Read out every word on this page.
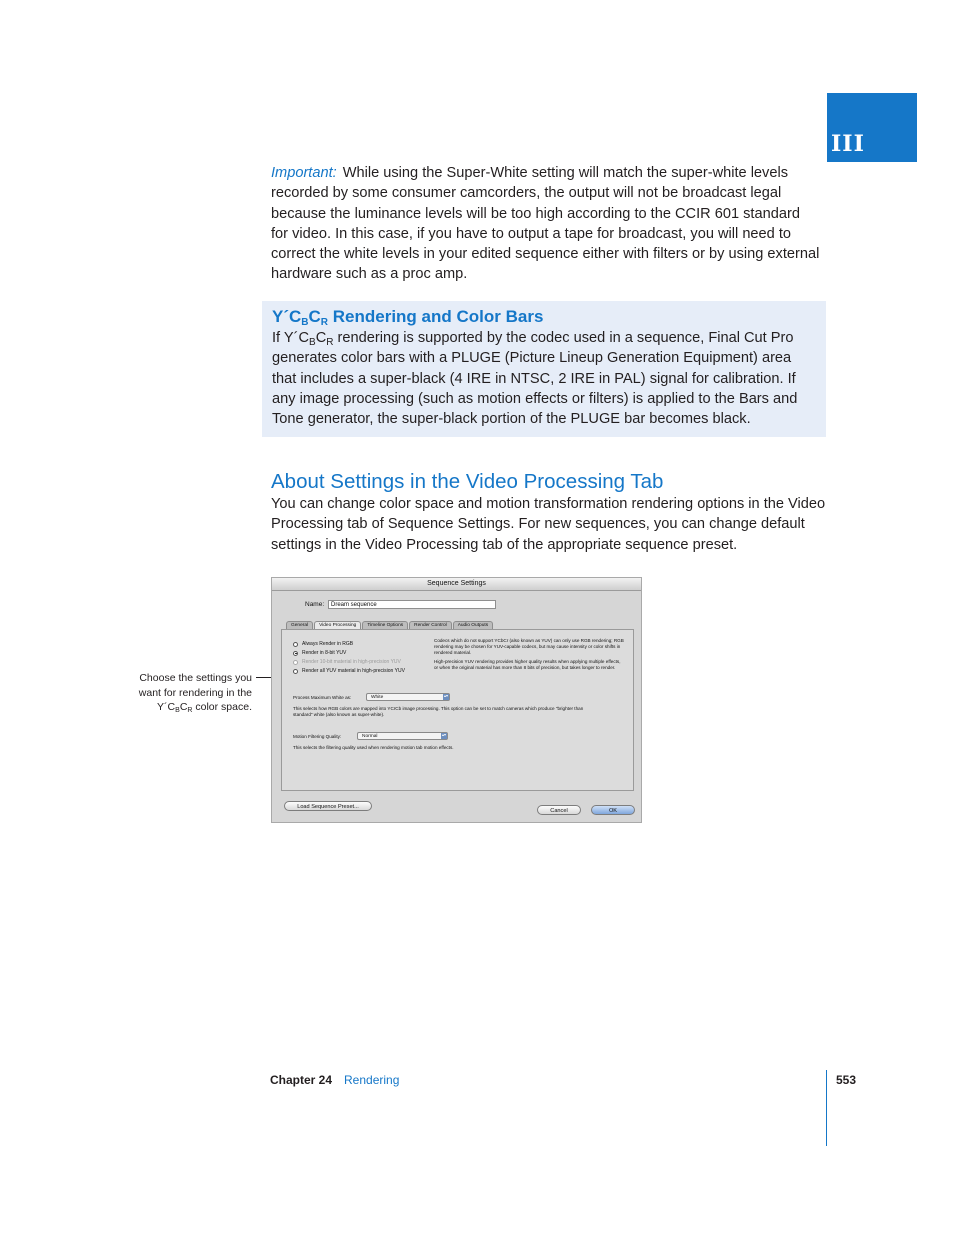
III

Important: While using the Super-White setting will match the super-white levels recorded by some consumer camcorders, the output will not be broadcast legal because the luminance levels will be too high according to the CCIR 601 standard for video. In this case, if you have to output a tape for broadcast, you will need to correct the white levels in your edited sequence either with filters or by using external hardware such as a proc amp.

$Y´C_BC_R$ Rendering and Color Bars
If $Y´C_BC_R$ rendering is supported by the codec used in a sequence, Final Cut Pro generates color bars with a PLUGE (Picture Lineup Generation Equipment) area that includes a super-black (4 IRE in NTSC, 2 IRE in PAL) signal for calibration. If any image processing (such as motion effects or filters) is applied to the Bars and Tone generator, the super-black portion of the PLUGE bar becomes black.
About Settings in the Video Processing Tab
You can change color space and motion transformation rendering options in the Video Processing tab of Sequence Settings. For new sequences, you can change default settings in the Video Processing tab of the appropriate sequence preset.
Choose the settings you
want for rendering in the
$Y´C_BC_R$ color space.
Sequence Settings
Name:	Dream sequence
General	Video Processing	Timeline Options	Render Control	Audio Outputs
Always Render in RGB
Render in 8-bit YUV
Render 10-bit material in high-precision YUV
Render all YUV material in high-precision YUV
Codecs which do not support YCbCr (also known as YUV) can only use RGB rendering; RGB rendering may be chosen for YUV-capable codecs, but may cause intensity or color shifts in rendered material.
High-precision YUV rendering provides higher quality results when applying multiple effects, or when the original material has more than 8 bits of precision, but takes longer to render.
Process Maximum White as:	White	▴▾
This selects how RGB colors are mapped into YCrCb image processing. This option can be set to match cameras which produce "brighter than standard" white (also known as super-white).
Motion Filtering Quality:	Normal	▴▾
This selects the filtering quality used when rendering motion tab motion effects.
Load Sequence Preset...
Cancel	OK
Chapter 24 Rendering	553
